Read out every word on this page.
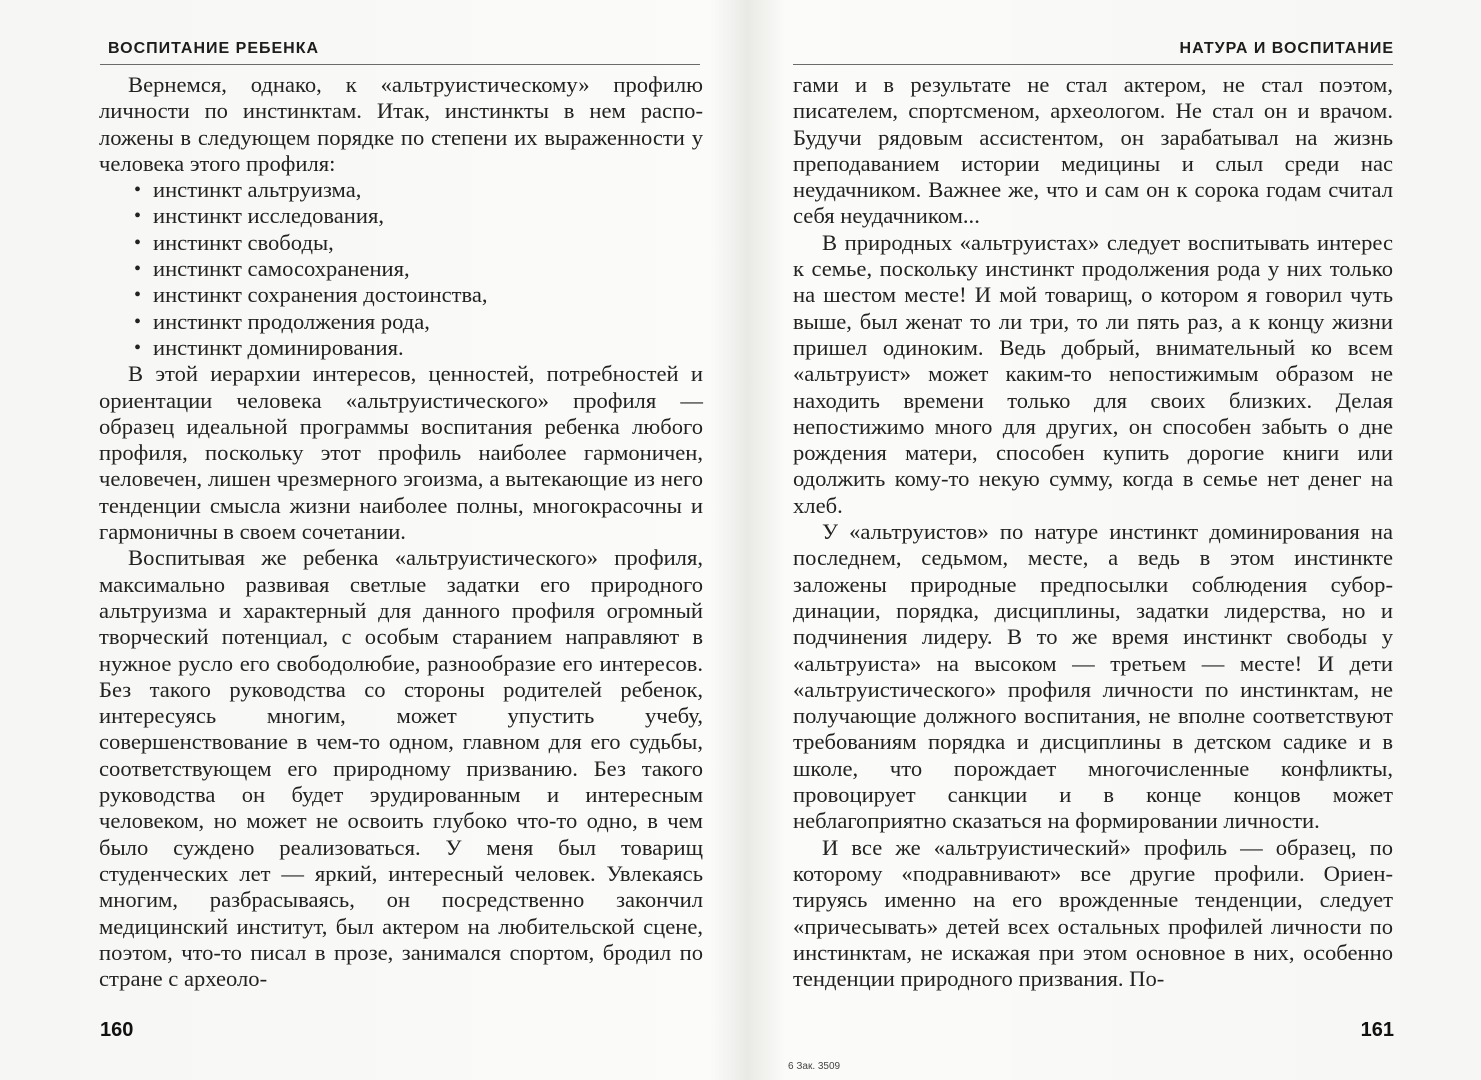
ВОСПИТАНИЕ РЕБЕНКА

Вернемся, однако, к «альтруистическому» профилю личности по инстинктам. Итак, инстинкты в нем расположены в следующем порядке по степени их выраженности у человека этого профиля:

• инстинкт альтруизма,
• инстинкт исследования,
• инстинкт свободы,
• инстинкт самосохранения,
• инстинкт сохранения достоинства,
• инстинкт продолжения рода,
• инстинкт доминирования.

В этой иерархии интересов, ценностей, потребностей и ориентации человека «альтруистического» профиля — образец идеальной программы воспитания ребенка любого профиля, поскольку этот профиль наиболее гармоничен, человечен, лишен чрезмерного эгоизма, а вытекающие из него тенденции смысла жизни наиболее полны, многокрасочны и гармоничны в своем сочетании.

Воспитывая же ребенка «альтруистического» профиля, максимально развивая светлые задатки его природного альтруизма и характерный для данного профиля огромный творческий потенциал, с особым старанием направляют в нужное русло его свободолюбие, разнообразие его интересов. Без такого руководства со стороны родителей ребенок, интересуясь многим, может упустить учебу, совершенствование в чем-то одном, главном для его судьбы, соответствующем его природному призванию. Без такого руководства он будет эрудированным и интересным человеком, но может не освоить глубоко что-то одно, в чем было суждено реализоваться. У меня был товарищ студенческих лет — яркий, интересный человек. Увлекаясь многим, разбрасываясь, он посредственно закончил медицинский институт, был актером на любительской сцене, поэтом, что-то писал в прозе, занимался спортом, бродил по стране с археоло-

160
НАТУРА И ВОСПИТАНИЕ

гами и в результате не стал актером, не стал поэтом, писателем, спортсменом, археологом. Не стал он и врачом. Будучи рядовым ассистентом, он зарабатывал на жизнь преподаванием истории медицины и слыл среди нас неудачником. Важнее же, что и сам он к сорока годам считал себя неудачником...

В природных «альтруистах» следует воспитывать интерес к семье, поскольку инстинкт продолжения рода у них только на шестом месте! И мой товарищ, о котором я говорил чуть выше, был женат то ли три, то ли пять раз, а к концу жизни пришел одиноким. Ведь добрый, внимательный ко всем «альтруист» может каким-то непостижимым образом не находить времени только для своих близких. Делая непостижимо много для других, он способен забыть о дне рождения матери, способен купить дорогие книги или одолжить кому-то некую сумму, когда в семье нет денег на хлеб.

У «альтруистов» по натуре инстинкт доминирования на последнем, седьмом, месте, а ведь в этом инстинкте заложены природные предпосылки соблюдения субординации, порядка, дисциплины, задатки лидерства, но и подчинения лидеру. В то же время инстинкт свободы у «альтруиста» на высоком — третьем — месте! И дети «альтруистического» профиля личности по инстинктам, не получающие должного воспитания, не вполне соответствуют требованиям порядка и дисциплины в детском садике и в школе, что порождает многочисленные конфликты, провоцирует санкции и в конце концов может неблагоприятно сказаться на формировании личности.

И все же «альтруистический» профиль — образец, по которому «подравнивают» все другие профили. Ориентируясь именно на его врожденные тенденции, следует «причесывать» детей всех остальных профилей личности по инстинктам, не искажая при этом основное в них, особенно тенденции природного призвания. По-

161
6 Зак. 3509
